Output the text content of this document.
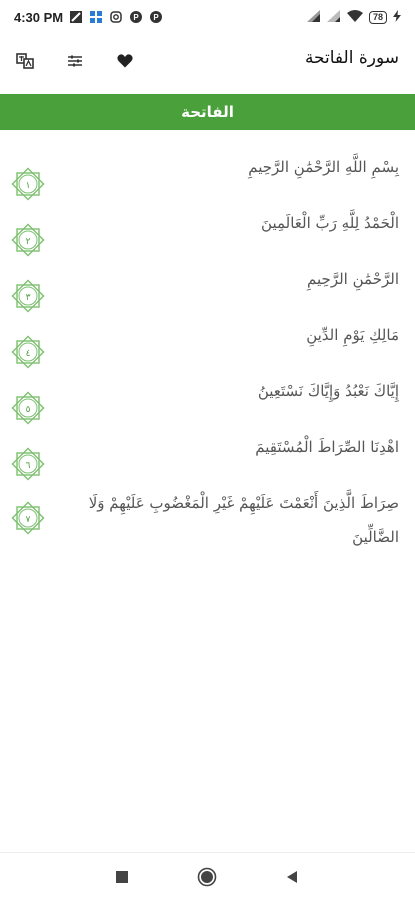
4:30 PM	P P	78
سورة الفاتحة
الفاتحة
بِسْمِ اللَّهِ الرَّحْمَٰنِ الرَّحِيمِ
١
الْحَمْدُ لِلَّهِ رَبِّ الْعَالَمِينَ
٢
الرَّحْمَٰنِ الرَّحِيمِ
٣
مَالِكِ يَوْمِ الدِّينِ
٤
إِيَّاكَ نَعْبُدُ وَإِيَّاكَ نَسْتَعِينُ
٥
اهْدِنَا الصِّرَاطَ الْمُسْتَقِيمَ
٦
صِرَاطَ الَّذِينَ أَنْعَمْتَ عَلَيْهِمْ غَيْرِ الْمَغْضُوبِ عَلَيْهِمْ وَلَا الضَّالِّينَ
٧
